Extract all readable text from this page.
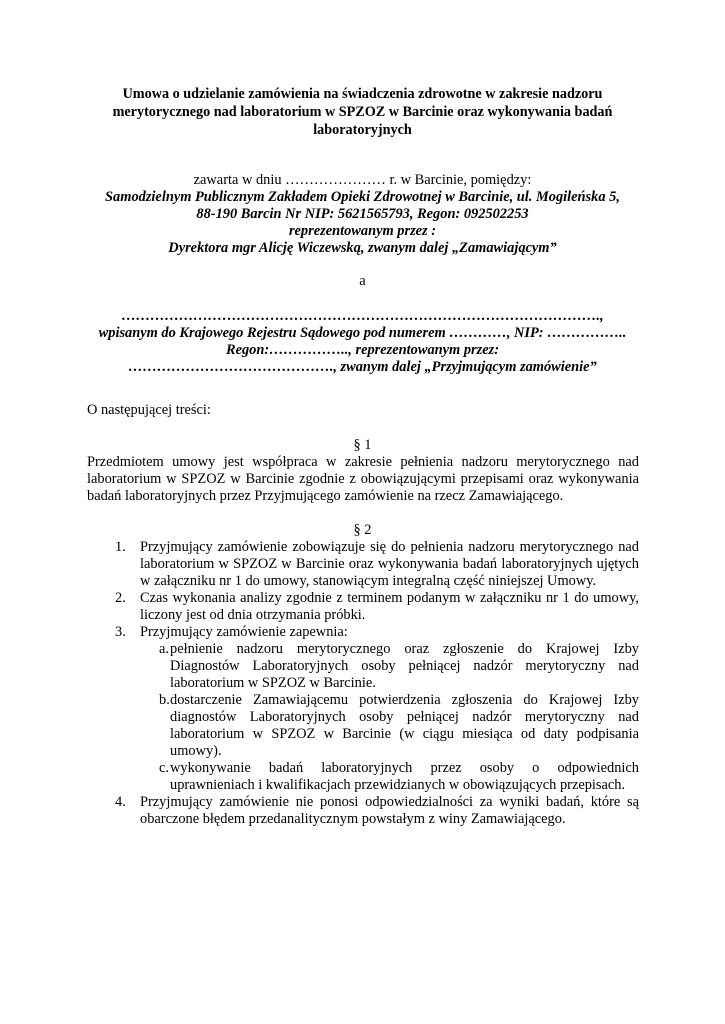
Umowa o udzielanie zamówienia na świadczenia zdrowotne w zakresie nadzoru
merytorycznego nad laboratorium w SPZOZ w Barcinie oraz wykonywania badań
laboratoryjnych
zawarta w dniu ………………… r. w Barcinie, pomiędzy:
Samodzielnym Publicznym Zakładem Opieki Zdrowotnej w Barcinie, ul. Mogileńska 5,
88-190 Barcin Nr NIP: 5621565793, Regon: 092502253
reprezentowanym przez :
Dyrektora mgr Alicję Wiczewską, zwanym dalej „Zamawiającym”
a
……………………………………………………………………………………….,
wpisanym do Krajowego Rejestru Sądowego pod numerem …………, NIP: ……………..
Regon:…………….., reprezentowanym przez:
……………………………………., zwanym dalej „Przyjmującym zamówienie”
O następującej treści:
§ 1
Przedmiotem umowy jest współpraca w zakresie pełnienia nadzoru merytorycznego nad
laboratorium w SPZOZ w Barcinie zgodnie z obowiązującymi przepisami oraz wykonywania
badań laboratoryjnych przez Przyjmującego zamówienie na rzecz Zamawiającego.
§ 2
1. Przyjmujący zamówienie zobowiązuje się do pełnienia nadzoru merytorycznego nad laboratorium w SPZOZ w Barcinie oraz wykonywania badań laboratoryjnych ujętych w załączniku nr 1 do umowy, stanowiącym integralną część niniejszej Umowy.
2. Czas wykonania analizy zgodnie z terminem podanym w załączniku nr 1 do umowy, liczony jest od dnia otrzymania próbki.
3. Przyjmujący zamówienie zapewnia:
a. pełnienie nadzoru merytorycznego oraz zgłoszenie do Krajowej Izby Diagnostów Laboratoryjnych osoby pełniącej nadzór merytoryczny nad laboratorium w SPZOZ w Barcinie.
b. dostarczenie Zamawiającemu potwierdzenia zgłoszenia do Krajowej Izby diagnostów Laboratoryjnych osoby pełniącej nadzór merytoryczny nad laboratorium w SPZOZ w Barcinie (w ciągu miesiąca od daty podpisania umowy).
c. wykonywanie badań laboratoryjnych przez osoby o odpowiednich uprawnieniach i kwalifikacjach przewidzianych w obowiązujących przepisach.
4. Przyjmujący zamówienie nie ponosi odpowiedzialności za wyniki badań, które są obarczone błędem przedanalitycznym powstałym z winy Zamawiającego.
